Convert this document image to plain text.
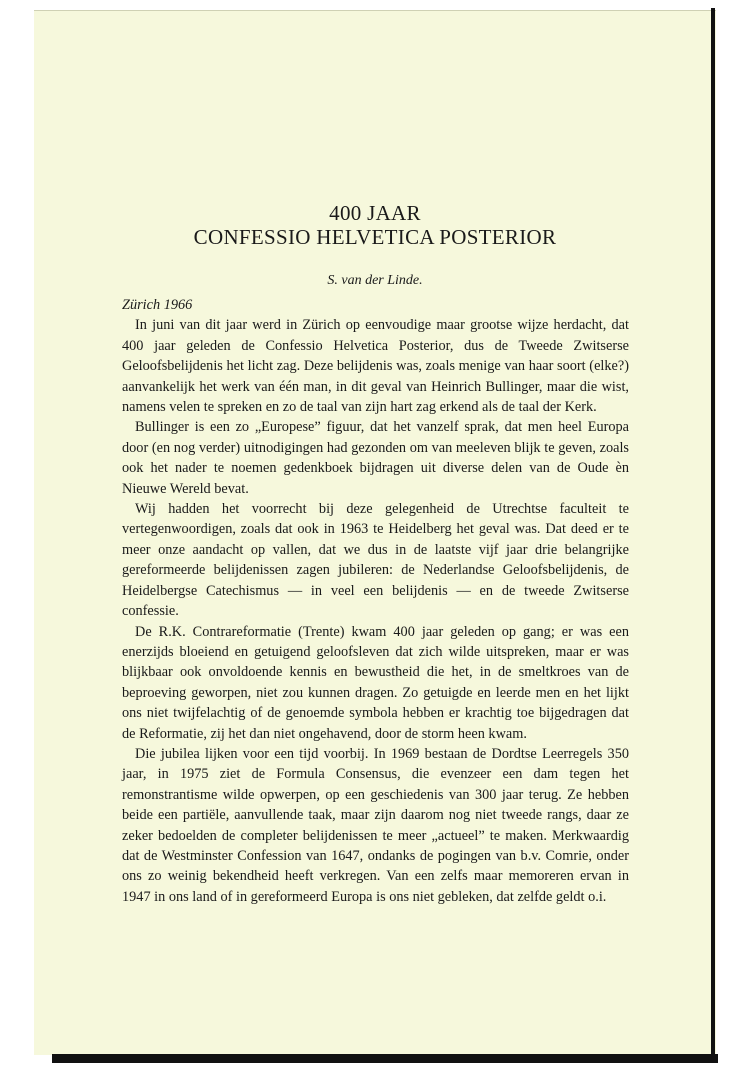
400 JAAR
CONFESSIO HELVETICA POSTERIOR
S. van der Linde.

Zürich 1966

In juni van dit jaar werd in Zürich op eenvoudige maar grootse wijze herdacht, dat 400 jaar geleden de Confessio Helvetica Posterior, dus de Tweede Zwitserse Geloofsbelijdenis het licht zag. Deze belijdenis was, zoals menige van haar soort (elke?) aanvankelijk het werk van één man, in dit geval van Heinrich Bullinger, maar die wist, namens velen te spreken en zo de taal van zijn hart zag erkend als de taal der Kerk.

Bullinger is een zo „Europese” figuur, dat het vanzelf sprak, dat men heel Europa door (en nog verder) uitnodigingen had gezonden om van meeleven blijk te geven, zoals ook het nader te noemen gedenkboek bijdragen uit diverse delen van de Oude èn Nieuwe Wereld bevat.

Wij hadden het voorrecht bij deze gelegenheid de Utrechtse faculteit te vertegenwoordigen, zoals dat ook in 1963 te Heidelberg het geval was. Dat deed er te meer onze aandacht op vallen, dat we dus in de laatste vijf jaar drie belangrijke gereformeerde belijdenissen zagen jubileren: de Nederlandse Geloofsbelijdenis, de Heidelbergse Catechismus — in veel een belijdenis — en de tweede Zwitserse confessie.

De R.K. Contrareformatie (Trente) kwam 400 jaar geleden op gang; er was een enerzijds bloeiend en getuigend geloofsleven dat zich wilde uitspreken, maar er was blijkbaar ook onvoldoende kennis en bewustheid die het, in de smeltkroes van de beproeving geworpen, niet zou kunnen dragen. Zo getuigde en leerde men en het lijkt ons niet twijfelachtig of de genoemde symbola hebben er krachtig toe bijgedragen dat de Reformatie, zij het dan niet ongehavend, door de storm heen kwam.

Die jubilea lijken voor een tijd voorbij. In 1969 bestaan de Dordtse Leerregels 350 jaar, in 1975 ziet de Formula Consensus, die evenzeer een dam tegen het remonstrantisme wilde opwerpen, op een geschiedenis van 300 jaar terug. Ze hebben beide een partiële, aanvullende taak, maar zijn daarom nog niet tweede rangs, daar ze zeker bedoelden de completer belijdenissen te meer „actueel” te maken. Merkwaardig dat de Westminster Confession van 1647, ondanks de pogingen van b.v. Comrie, onder ons zo weinig bekendheid heeft verkregen. Van een zelfs maar memoreren ervan in 1947 in ons land of in gereformeerd Europa is ons niet gebleken, dat zelfde geldt o.i.
